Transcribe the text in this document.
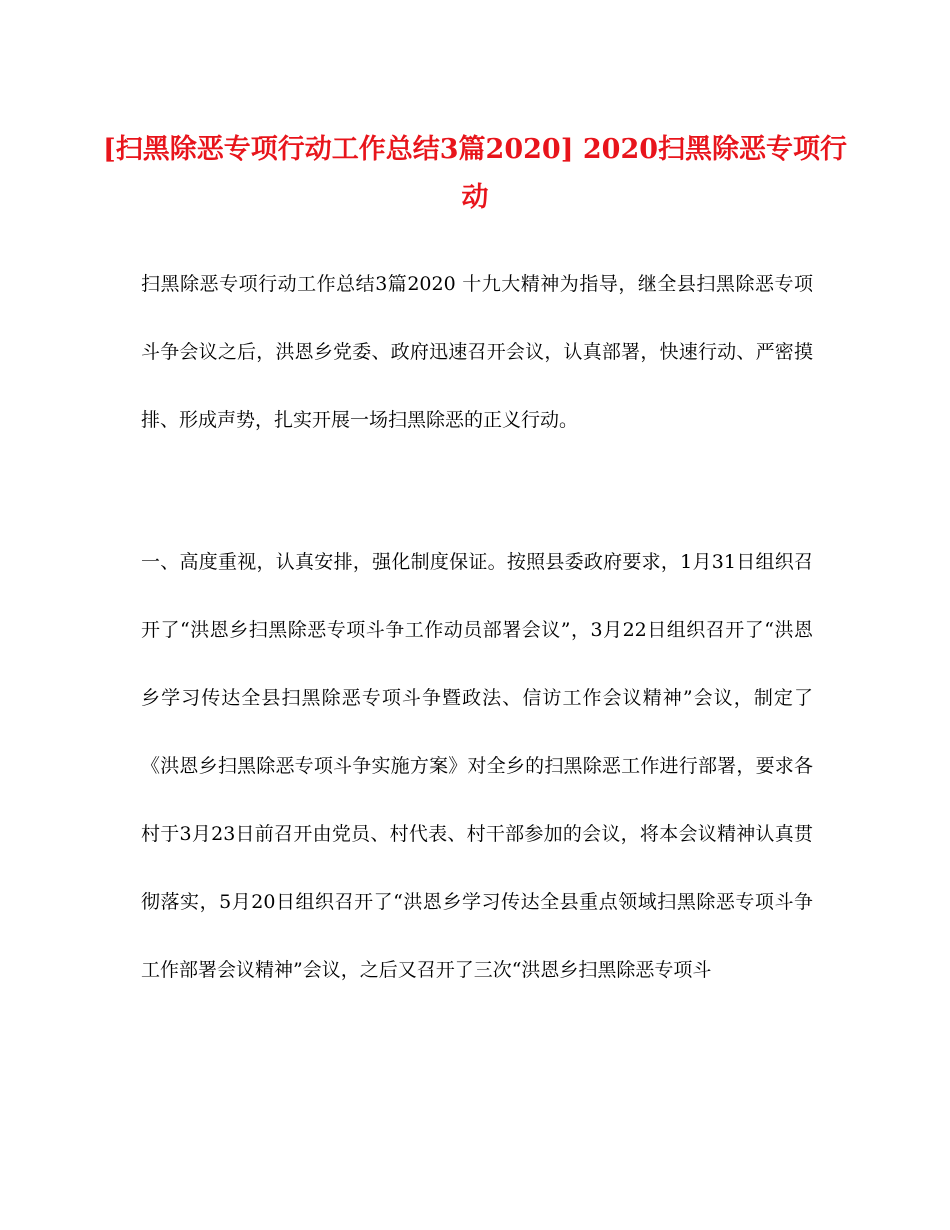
[扫黑除恶专项行动工作总结3篇2020] 2020扫黑除恶专项行动

扫黑除恶专项行动工作总结3篇2020 十九大精神为指导，继全县扫黑除恶专项斗争会议之后，洪恩乡党委、政府迅速召开会议，认真部署，快速行动、严密摸排、形成声势，扎实开展一场扫黑除恶的正义行动。

一、高度重视，认真安排，强化制度保证。按照县委政府要求，1月31日组织召开了“洪恩乡扫黑除恶专项斗争工作动员部署会议”，3月22日组织召开了“洪恩乡学习传达全县扫黑除恶专项斗争暨政法、信访工作会议精神”会议，制定了《洪恩乡扫黑除恶专项斗争实施方案》对全乡的扫黑除恶工作进行部署，要求各村于3月23日前召开由党员、村代表、村干部参加的会议，将本会议精神认真贯彻落实，5月20日组织召开了“洪恩乡学习传达全县重点领域扫黑除恶专项斗争工作部署会议精神”会议，之后又召开了三次“洪恩乡扫黑除恶专项斗
